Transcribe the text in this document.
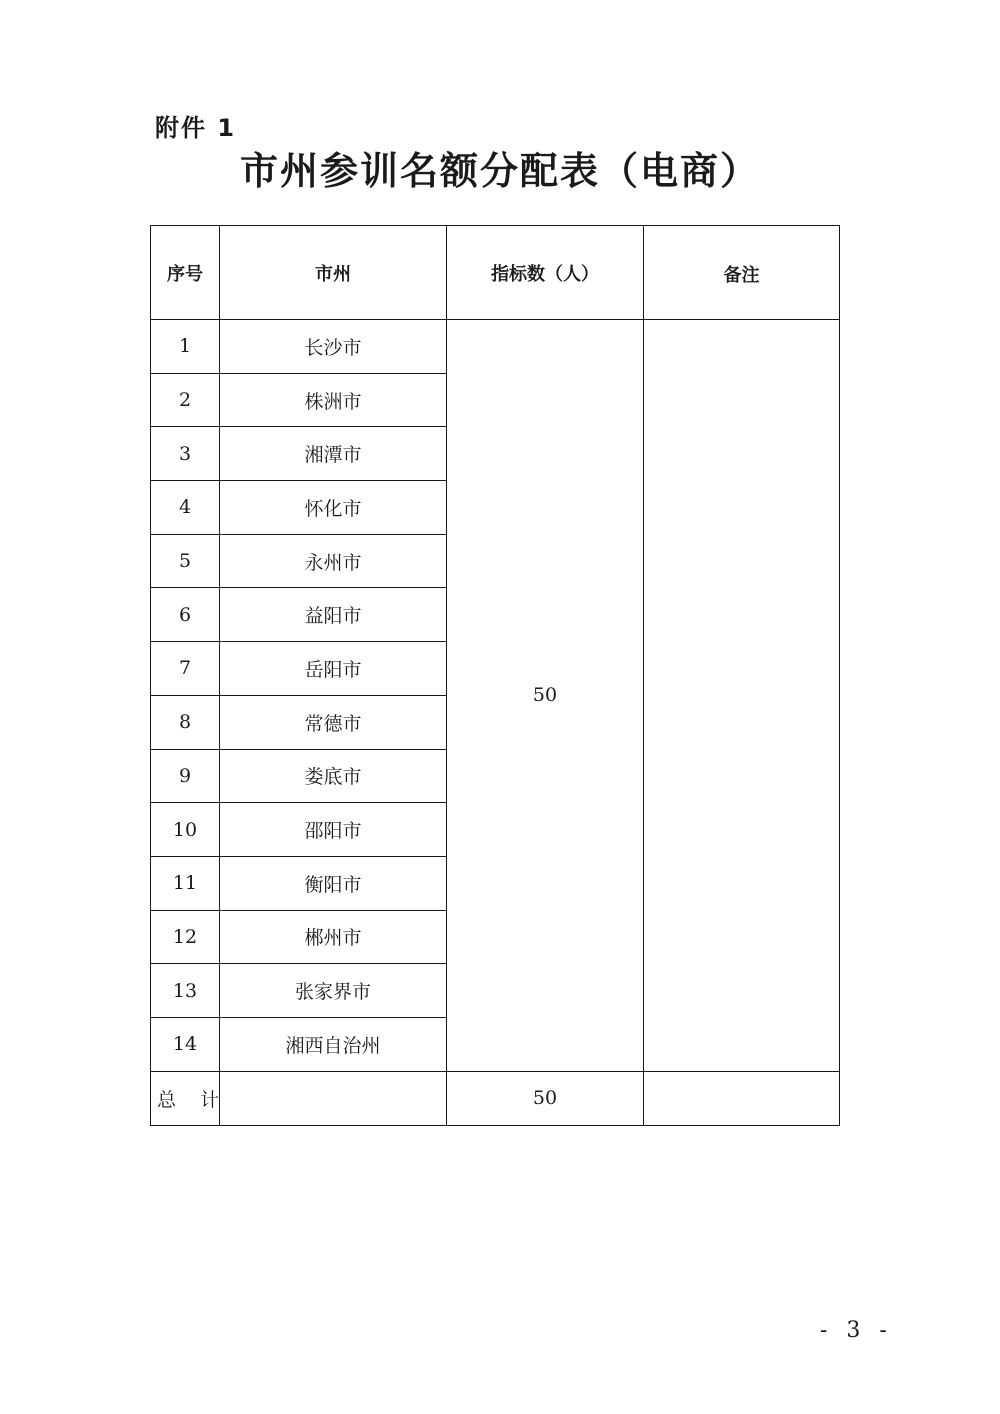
附件 1
市州参训名额分配表（电商）
序号	市州	指标数（人）	备注
1	长沙市	50	
2	株洲市		
3	湘潭市		
4	怀化市		
5	永州市		
6	益阳市		
7	岳阳市		
8	常德市		
9	娄底市		
10	邵阳市		
11	衡阳市		
12	郴州市		
13	张家界市		
14	湘西自治州		
总    计		50	
- 3 -
